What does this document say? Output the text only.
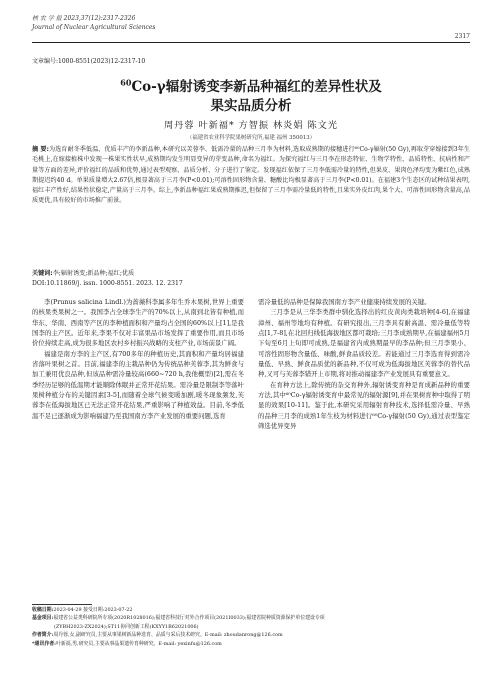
核 农 学 报 2023,37(12):2317-2326
Journal of Nuclear Agricultural Sciences
2317
文章编号:1000-8551(2023)12-2317-10
$^{60}$Co-γ辐射诱变李新品种福红的差异性状及
果实品质分析
周丹蓉 叶新福* 方智振 林炎娟 陈文光
（福建省农业科学院果树研究所,福建 福州 350013）
摘 要:为选育耐冬季低温、优质丰产的李新品种,本研究以芙蓉李、低需冷量的品种三月李为材料,选取成熟期的接穗进行⁶⁰Co-γ辐射(50 Gy),再取芽穿嫁接到3年生毛桃上,在嫁接植株中发现一株果实性状早,成熟期均发生明显变异的芽变品种,命名为福红。为探究福红与三月李在形态特征、生物学特性、品质特性、抗病性和产量等方面的差异,评价福红的品质和优势,通过表型观察、品质分析、分子进行了鉴定。发现福红依保了三月李低需冷量的特性,但果皮、果肉色泽均变为紫红色,成熟期提迟约40 d。单果质量增大2.67倍,极显著高于三月李(P<0.01);可溶性固形物含量、糖酸比均极显著高于三月李(P<0.01)。在福建3个生态区的试种结果表明,福红丰产性好,结果性状稳定,产量高于三月李。综上,李新品种福红果成熟期推迟,但保留了三月李需冷量低的特性,且果实外皮红肉,果个大、可溶性固形物含量高,品质更优,具有较好的市场推广前景。
关键词:李;辐射诱变;新品种;福红;优质
DOI:10.11869/j. issn. 1000-8551. 2023. 12. 2317

李(Prunus salicina Lindl.)为蔷薇科李属多年生乔木果树,世界上重要的核果类果树之一。我国李占全球李生产的70%以上,从南到北皆有种植,而华东、华南、西南等产区的李种植面积和产量均占全国的60%以上[1],是我国李的主产区。近年来,李果不仅对丰富果品市场发挥了重要作用,而且市场价位持续走高,成为很多地区农村乡村振兴战略的支柱产业,市场前景广阔。

福建是南方李的主产区,有700多年的种植历史,其面积和产量均居福建省落叶果树之首。目前,福建李的主栽品种仍为传统品种芙蓉李,其为鲜食与加工兼用优良品种,但该品种需冷量较高(660~720 h,我他概型)[2],需在冬季经历足够的低温期才能顺除体眠并正常开花结果。需冷量是限制李等落叶果树种植分布的关键因素[3-5],而随着全球气候变暖加剧,暖冬现象频发,芙蓉李在低海拔地区已无法正常开花结果,严重影响了种植效益。目前,冬季低温不足已逐渐成为影响福建乃至我国南方李产业发展的重要问题,选育

需冷量低的品种是保障我国南方李产业健康持续发展的关键。

三月李是从三华李类群中驯化选择出的红皮黄肉类栽培种[4-6],在福建漳州、福州等地均有种植。有研究报出,三月李具有耐高温、需冷量低等特点[1,7-8],在北回归线低海拔地区都可栽培;三月李成熟期早,在福建福州5月下旬至6月上旬即可成熟,是福建省内成熟期最早的李品种;但三月李果小、可溶性固形物含量低、味酸,鲜食品质较差。若能通过三月李选育得到需冷量低、早熟、鲜食品质优的新品种,不仅可成为低海拔地区芙蓉李的替代品种,又可与芙蓉李错开上市期,将对推动福建李产业发展具有重要意义。

在育种方法上,除传统的杂交育种外,辐射诱变育种是育成新品种的重要方法,其中⁶⁰Co-γ辐射诱变育中最常见的辐射源[9],并在果树育种中取得了明显的效果[10-11]。鉴于此,本研究采用辐射育种技术,选择低需冷量、早熟的品种三月李的成熟1年生枝为材料进行⁶⁰Co-γ辐射(50 Gy),通过表型鉴定筛选优异变异

收稿日期:2023-04-29 接受日期:2023-07-22
基金项目:福建省公益类科研院所专项(2020R1028016);福建省科技厅对外合作项目(2021I0033);福建省院种质资源保护单位建设专项
(ZYBH2023-ZX2024);ST11协同创新工程(KXYY1B62021006)
作者简介:周丹蓉,女,副研究员,主要从事果树新品种选育、品质与采后技术研究。E-mail: zhoudanrong@126.com
*通讯作者:叶新福,男,研究员,主要从事晶果遗传育种研究。E-mail: yexinfu@126.com
